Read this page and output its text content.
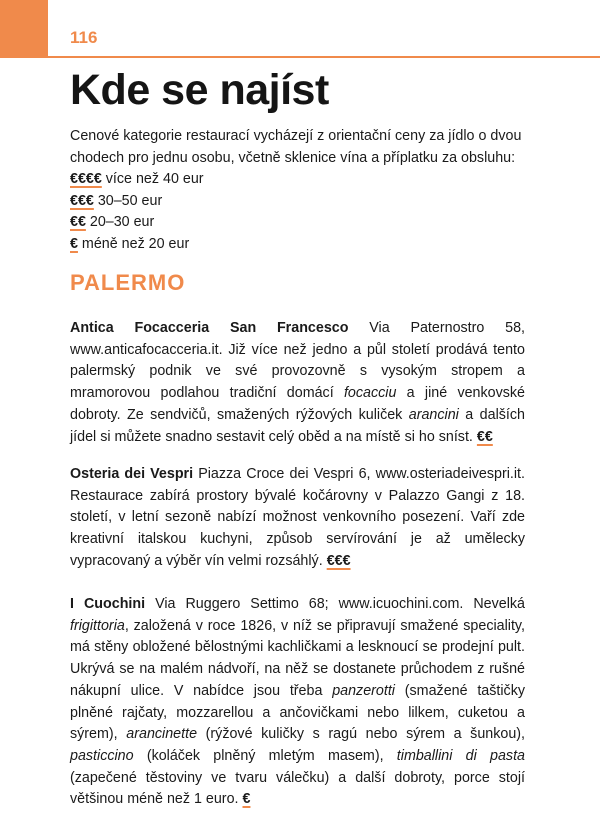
116
Kde se najíst

Cenové kategorie restaurací vycházejí z orientační ceny za jídlo o dvou chodech pro jednu osobu, včetně sklenice vína a příplatku za obsluhu:

€€€€ více než 40 eur

€€€ 30–50 eur

€€ 20–30 eur

€ méně než 20 eur

PALERMO

Antica Focacceria San Francesco Via Paternostro 58, www.anticafocacceria.it. Již více než jedno a půl století prodává tento palermský podnik ve své provozovně s vysokým stropem a mramorovou podlahou tradiční domácí focacciu a jiné venkovské dobroty. Ze sendvičů, smažených rýžových kuliček arancini a dalších jídel si můžete snadno sestavit celý oběd a na místě si ho sníst. €€

Osteria dei Vespri Piazza Croce dei Vespri 6, www.osteriadeivespri.it. Restaurace zabírá prostory bývalé kočárovny v Palazzo Gangi z 18. století, v letní sezoně nabízí možnost venkovního posezení. Vaří zde kreativní italskou kuchyni, způsob servírování je až umělecky vypracovaný a výběr vín velmi rozsáhlý. €€€

I Cuochini Via Ruggero Settimo 68; www.icuochini.com. Nevelká frigittoria, založená v roce 1826, v níž se připravují smažené speciality, má stěny obložené bělostnými kachličkami a lesknoucí se prodejní pult. Ukrývá se na malém nádvoří, na něž se dostanete průchodem z rušné nákupní ulice. V nabídce jsou třeba panzerotti (smažené taštičky plněné rajčaty, mozzarellou a ančovičkami nebo lilkem, cuketou a sýrem), arancinette (rýžové kuličky s ragú nebo sýrem a šunkou), pasticcino (koláček plněný mletým masem), timballini di pasta (zapečené těstoviny ve tvaru válečku) a další dobroty, porce stojí většinou méně než 1 euro. €
